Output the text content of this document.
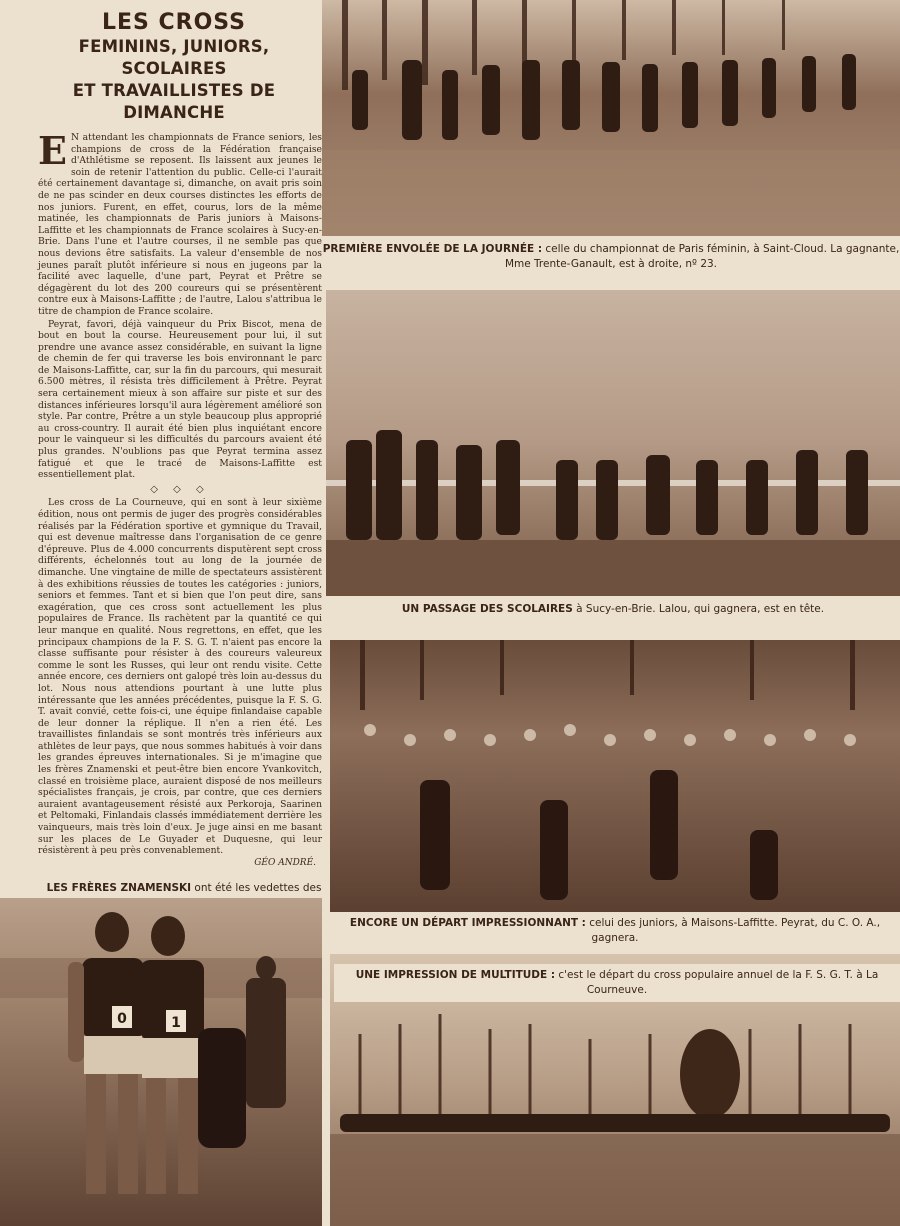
LES CROSS
FEMININS, JUNIORS, SCOLAIRES
ET TRAVAILLISTES DE DIMANCHE

E N attendant les championnats de France seniors, les champions de cross de la Fédération française d'Athlétisme se reposent. Ils laissent aux jeunes le soin de retenir l'attention du public. Celle-ci l'aurait été certainement davantage si, dimanche, on avait pris soin de ne pas scinder en deux courses distinctes les efforts de nos juniors. Furent, en effet, courus, lors de la même matinée, les championnats de Paris juniors à Maisons-Laffitte et les championnats de France scolaires à Sucy-en-Brie. Dans l'une et l'autre courses, il ne semble pas que nous devions être satisfaits. La valeur d'ensemble de nos jeunes paraît plutôt inférieure si nous en jugeons par la facilité avec laquelle, d'une part, Peyrat et Prêtre se dégagèrent du lot des 200 coureurs qui se présentèrent contre eux à Maisons-Laffitte ; de l'autre, Lalou s'attribua le titre de champion de France scolaire.

Peyrat, favori, déjà vainqueur du Prix Biscot, mena de bout en bout la course. Heureusement pour lui, il sut prendre une avance assez considérable, en suivant la ligne de chemin de fer qui traverse les bois environnant le parc de Maisons-Laffitte, car, sur la fin du parcours, qui mesurait 6.500 mètres, il résista très difficilement à Prêtre. Peyrat sera certainement mieux à son affaire sur piste et sur des distances inférieures lorsqu'il aura légèrement amélioré son style. Par contre, Prêtre a un style beaucoup plus approprié au cross-country. Il aurait été bien plus inquiétant encore pour le vainqueur si les difficultés du parcours avaient été plus grandes. N'oublions pas que Peyrat termina assez fatigué et que le tracé de Maisons-Laffitte est essentiellement plat.

◇ ◇ ◇

Les cross de La Courneuve, qui en sont à leur sixième édition, nous ont permis de juger des progrès considérables réalisés par la Fédération sportive et gymnique du Travail, qui est devenue maîtresse dans l'organisation de ce genre d'épreuve. Plus de 4.000 concurrents disputèrent sept cross différents, échelonnés tout au long de la journée de dimanche. Une vingtaine de mille de spectateurs assistèrent à des exhibitions réussies de toutes les catégories : juniors, seniors et femmes. Tant et si bien que l'on peut dire, sans exagération, que ces cross sont actuellement les plus populaires de France. Ils rachètent par la quantité ce qui leur manque en qualité. Nous regrettons, en effet, que les principaux champions de la F. S. G. T. n'aient pas encore la classe suffisante pour résister à des coureurs valeureux comme le sont les Russes, qui leur ont rendu visite. Cette année encore, ces derniers ont galopé très loin au-dessus du lot. Nous nous attendions pourtant à une lutte plus intéressante que les années précédentes, puisque la F. S. G. T. avait convié, cette fois-ci, une équipe finlandaise capable de leur donner la réplique. Il n'en a rien été. Les travaillistes finlandais se sont montrés très inférieurs aux athlètes de leur pays, que nous sommes habitués à voir dans les grandes épreuves internationales. Si je m'imagine que les frères Znamenski et peut-être bien encore Yvankovitch, classé en troisième place, auraient disposé de nos meilleurs spécialistes français, je crois, par contre, que ces derniers auraient avantageusement résisté aux Perkoroja, Saarinen et Peltomaki, Finlandais classés immédiatement derrière les vainqueurs, mais très loin d'eux. Je juge ainsi en me basant sur les places de Le Guyader et Duquesne, qui leur résistèrent à peu près convenablement.

GÉO ANDRÉ.
LES FRÈRES ZNAMENSKI ont été les vedettes des
0	1
PREMIÈRE ENVOLÉE DE LA JOURNÉE : celle du championnat de Paris féminin, à Saint-Cloud. La gagnante, Mme Trente-Ganault, est à droite, nº 23.
UN PASSAGE DES SCOLAIRES à Sucy-en-Brie. Lalou, qui gagnera, est en tête.
ENCORE UN DÉPART IMPRESSIONNANT : celui des juniors, à Maisons-Laffitte. Peyrat, du C. O. A., gagnera.
UNE IMPRESSION DE MULTITUDE : c'est le départ du cross populaire annuel de la F. S. G. T. à La Courneuve.
